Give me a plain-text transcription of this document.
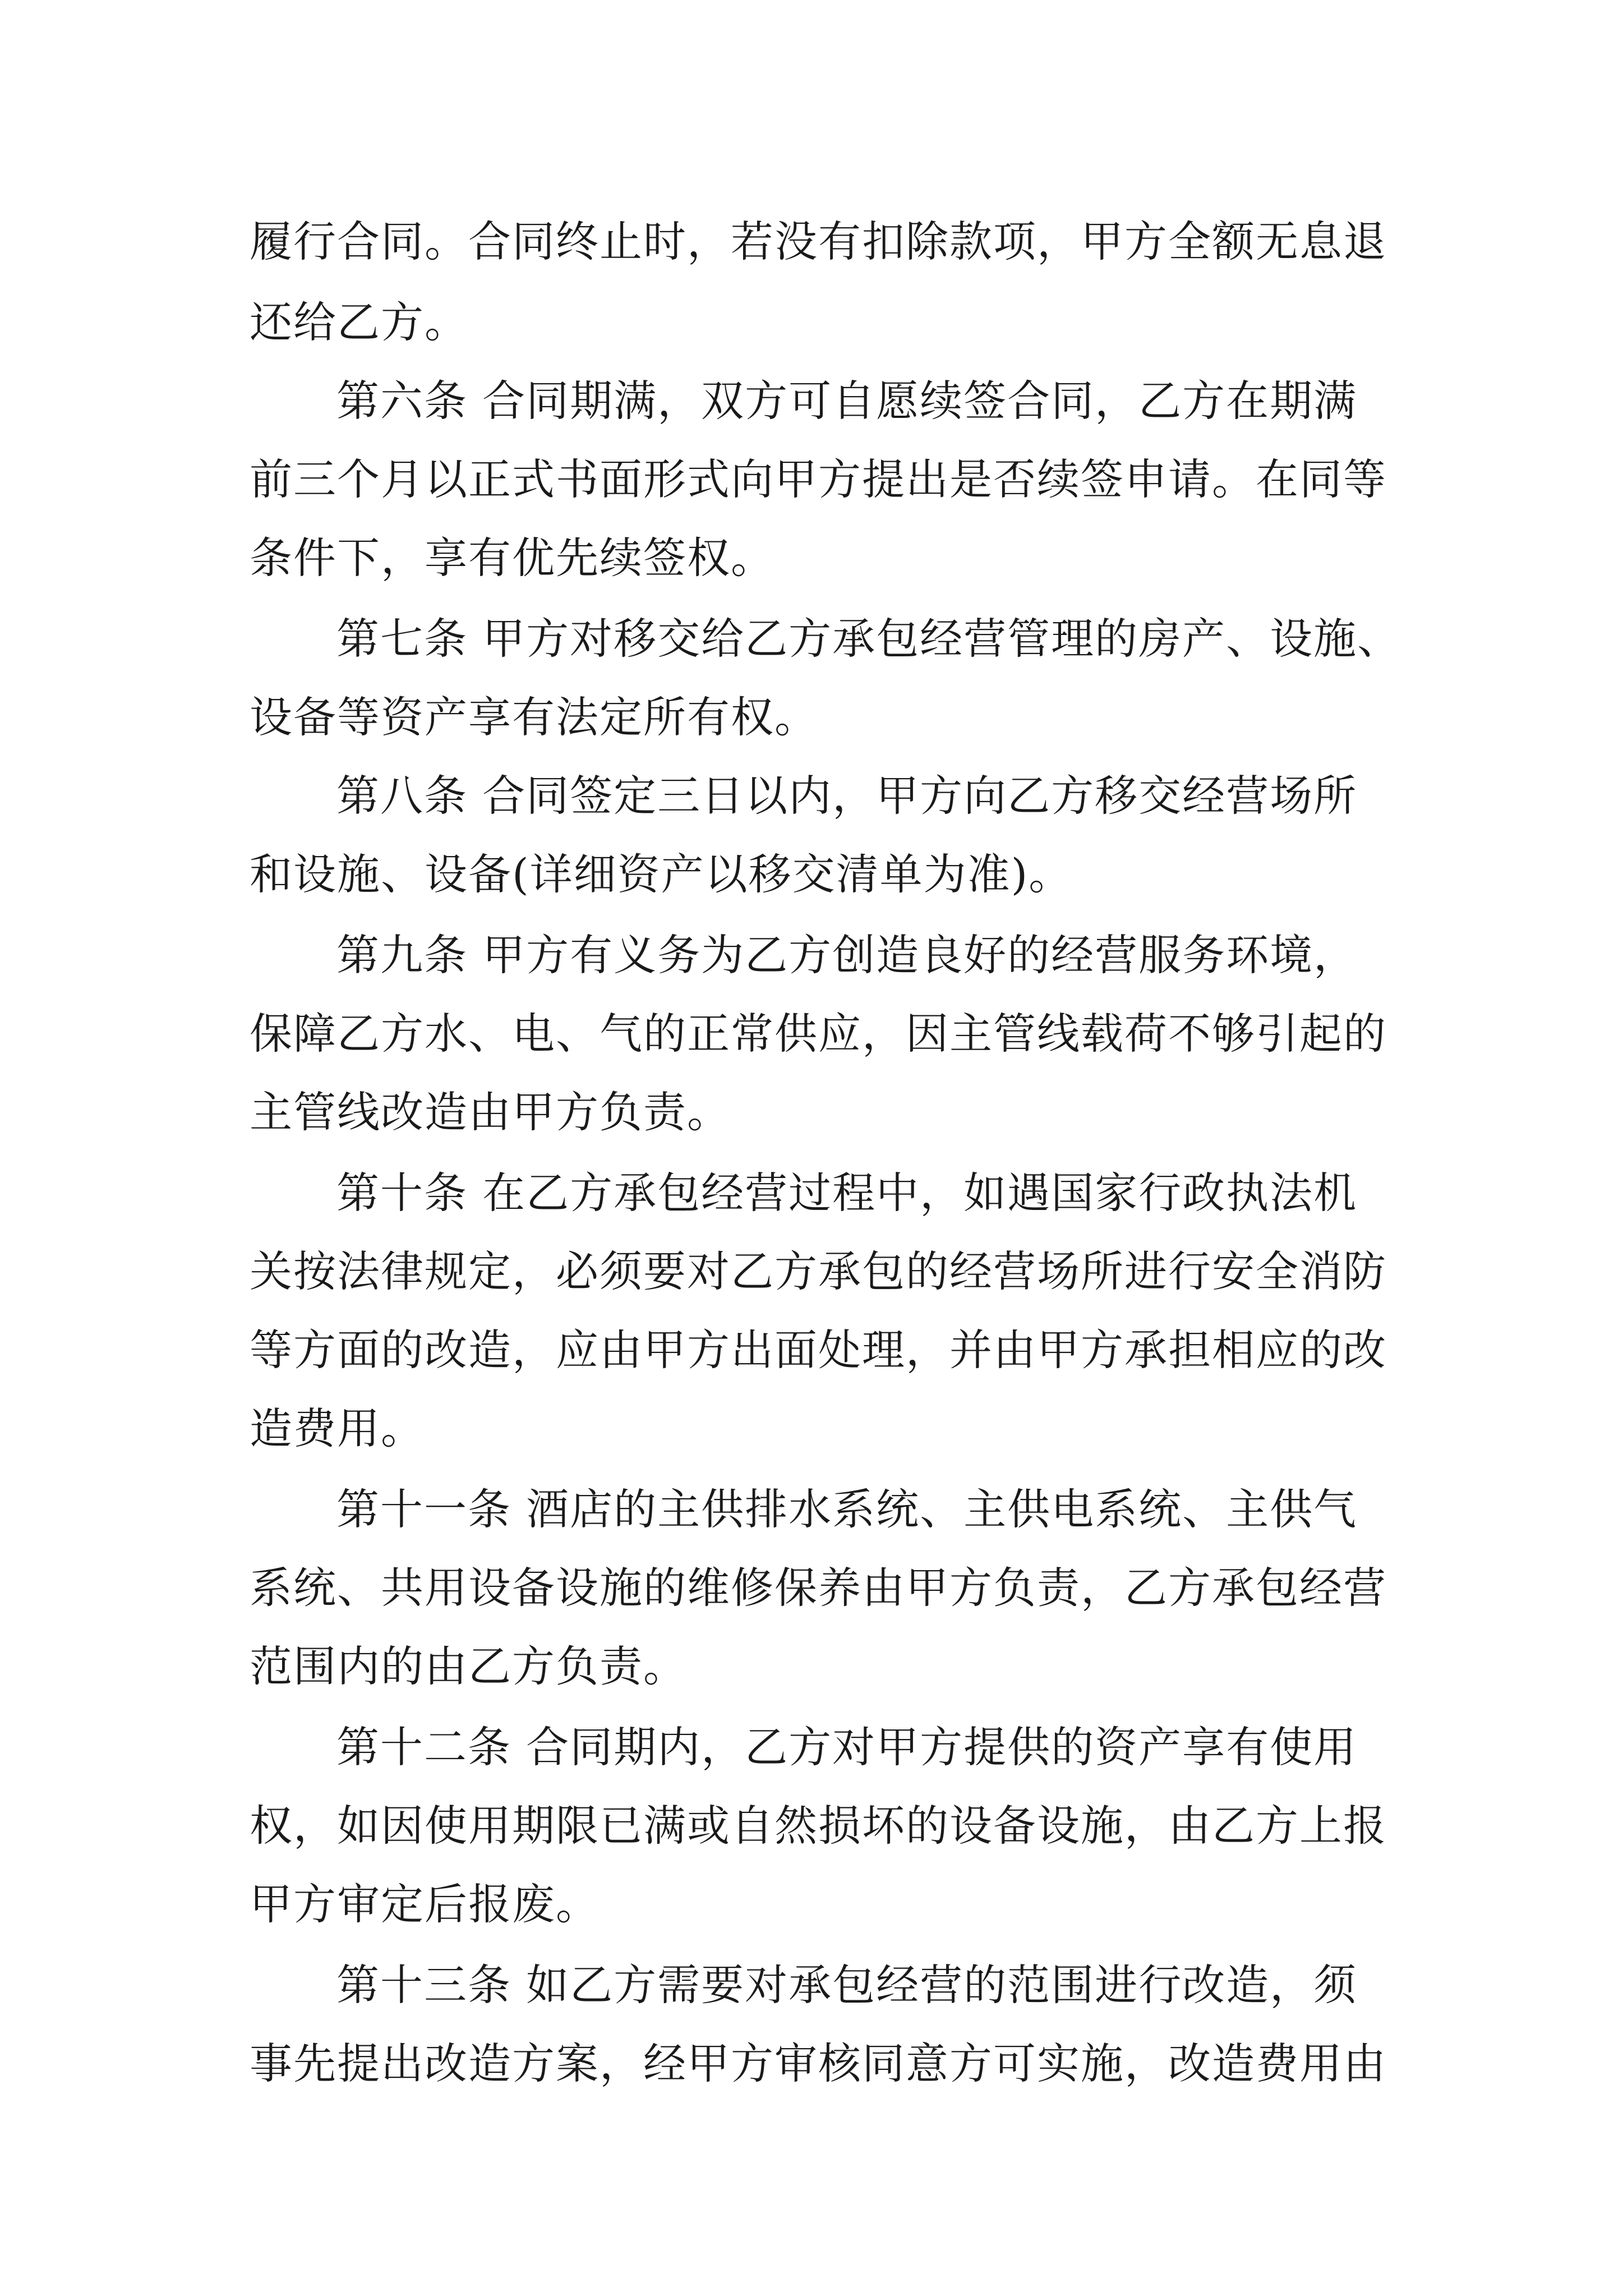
履行合同。合同终止时，若没有扣除款项，甲方全额无息退

还给乙方。

第六条 合同期满，双方可自愿续签合同，乙方在期满

前三个月以正式书面形式向甲方提出是否续签申请。在同等

条件下，享有优先续签权。

第七条 甲方对移交给乙方承包经营管理的房产、设施、

设备等资产享有法定所有权。

第八条 合同签定三日以内，甲方向乙方移交经营场所

和设施、设备(详细资产以移交清单为准)。

第九条 甲方有义务为乙方创造良好的经营服务环境，

保障乙方水、电、气的正常供应，因主管线载荷不够引起的

主管线改造由甲方负责。

第十条 在乙方承包经营过程中，如遇国家行政执法机

关按法律规定，必须要对乙方承包的经营场所进行安全消防

等方面的改造，应由甲方出面处理，并由甲方承担相应的改

造费用。

第十一条 酒店的主供排水系统、主供电系统、主供气

系统、共用设备设施的维修保养由甲方负责，乙方承包经营

范围内的由乙方负责。

第十二条 合同期内，乙方对甲方提供的资产享有使用

权，如因使用期限已满或自然损坏的设备设施，由乙方上报

甲方审定后报废。

第十三条 如乙方需要对承包经营的范围进行改造，须

事先提出改造方案，经甲方审核同意方可实施，改造费用由
